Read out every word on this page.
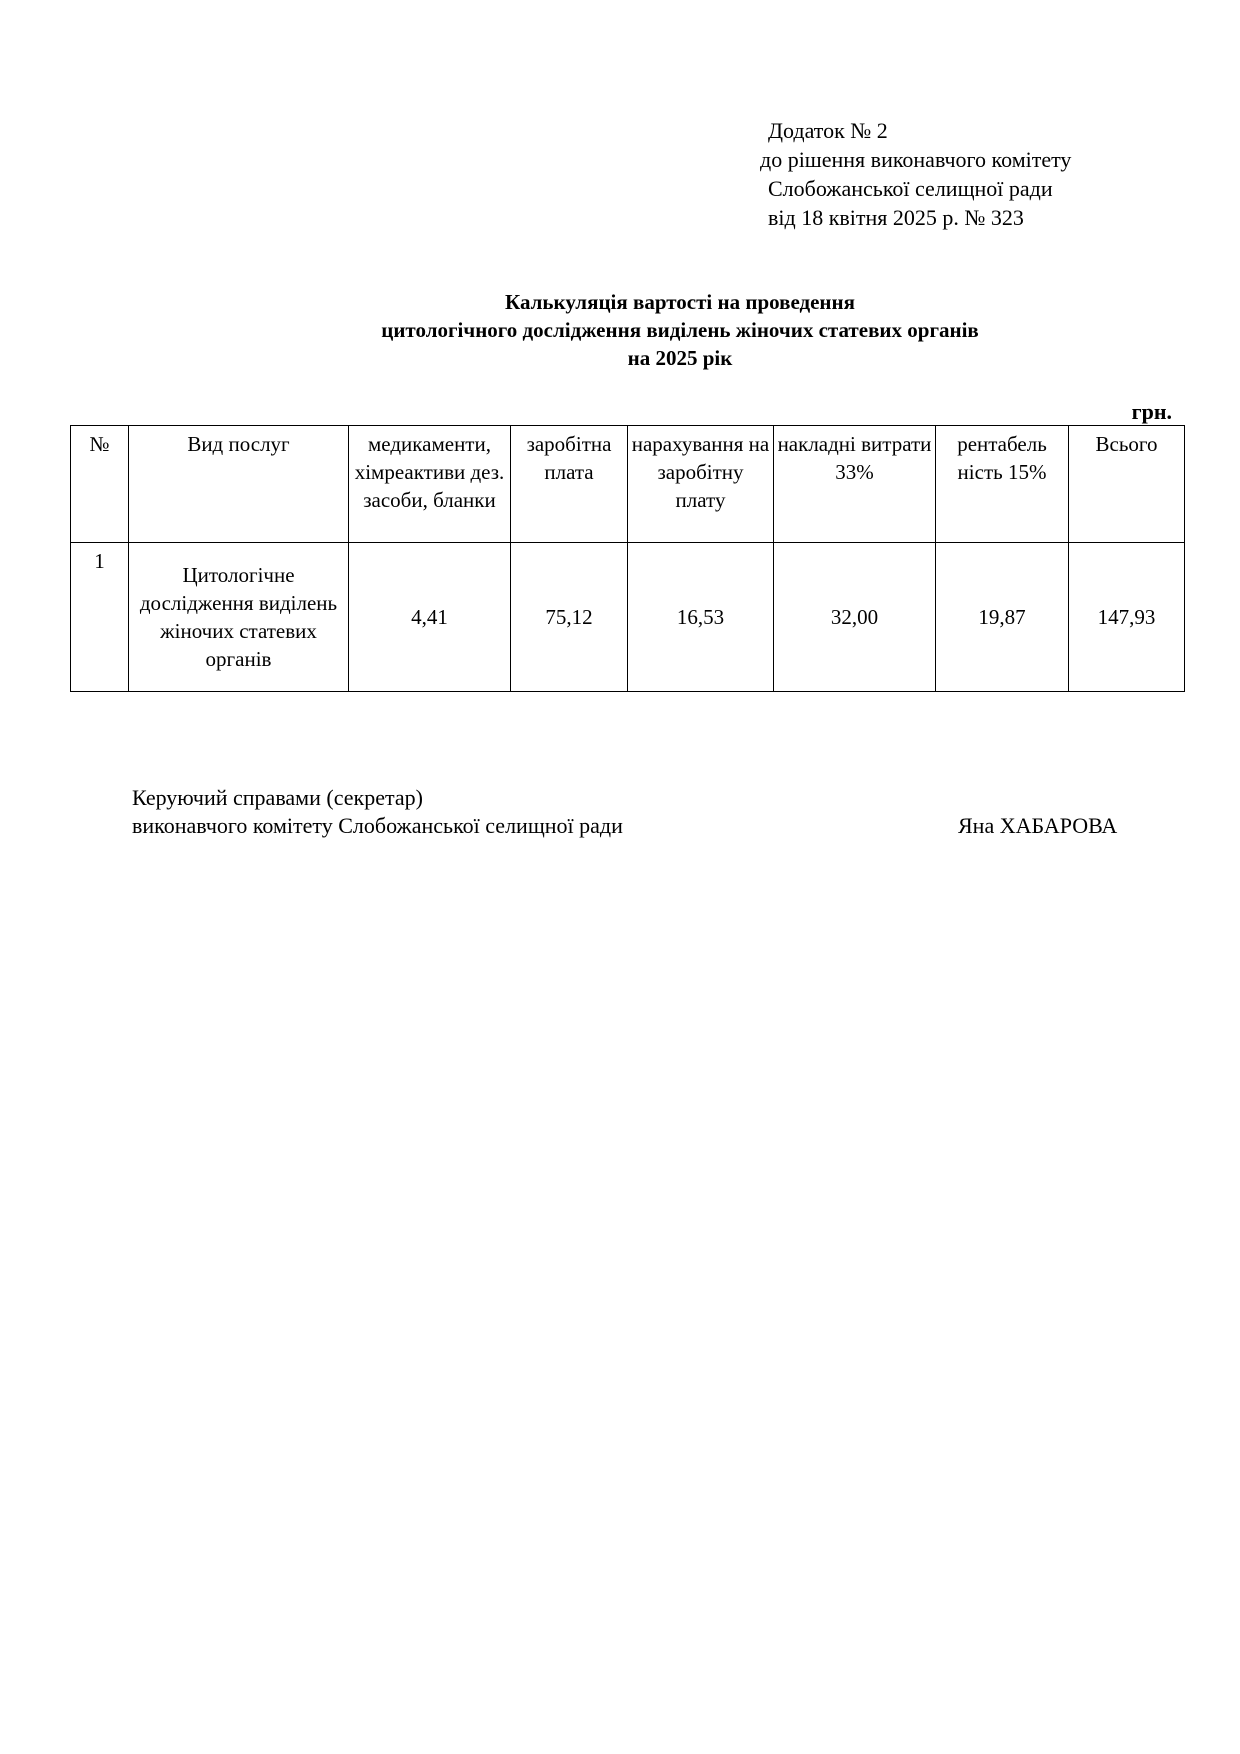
Додаток № 2
до рішення виконавчого комітету
Слобожанської селищної ради
від 18 квітня 2025 р. № 323
Калькуляція вартості на проведення
цитологічного дослідження виділень жіночих статевих органів
на 2025 рік
грн.
№	Вид послуг	медикаменти, хімреактиви дез. засоби, бланки	заробітна плата	нарахування на заробітну плату	накладні витрати 33%	рентабель ність 15%	Всього
1	Цитологічне дослідження виділень жіночих статевих органів	4,41	75,12	16,53	32,00	19,87	147,93
Керуючий справами (секретар)
виконавчого комітету Слобожанської селищної ради	Яна ХАБАРОВА
